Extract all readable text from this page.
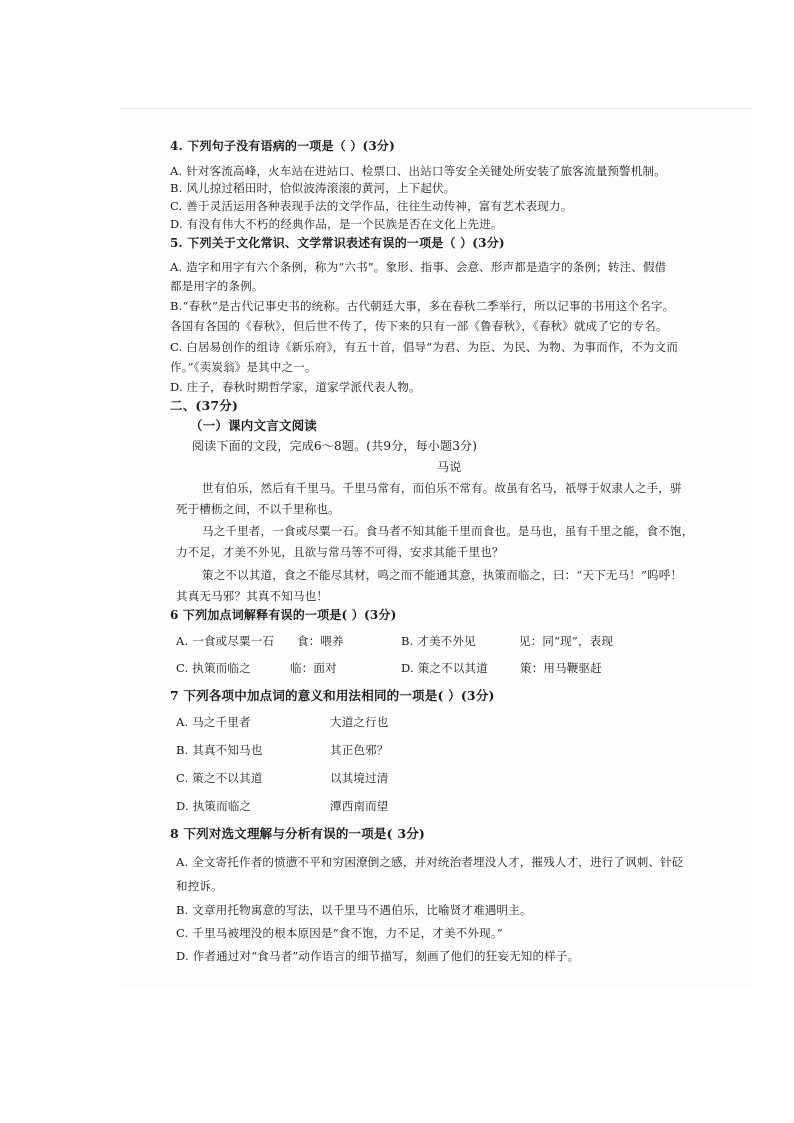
4. 下列句子没有语病的一项是（ ）(3分)
A. 针对客流高峰，火车站在进站口、检票口、出站口等安全关键处所安装了旅客流量预警机制。
B. 风儿掠过稻田时，恰似波涛滚滚的黄河，上下起伏。
C. 善于灵活运用各种表现手法的文学作品，往往生动传神，富有艺术表现力。
D. 有没有伟大不朽的经典作品，是一个民族是否在文化上先进。
5. 下列关于文化常识、文学常识表述有误的一项是（ ）(3分)
A. 造字和用字有六个条例，称为“六书”。象形、指事、会意、形声都是造字的条例；转注、假借
都是用字的条例。
B.“春秋”是古代记事史书的统称。古代朝廷大事，多在春秋二季举行，所以记事的书用这个名字。
各国有各国的《春秋》，但后世不传了，传下来的只有一部《鲁春秋》，《春秋》就成了它的专名。
C. 白居易创作的组诗《新乐府》，有五十首，倡导“为君、为臣、为民、为物、为事而作，不为文而
作。”《卖炭翁》是其中之一。
D. 庄子，春秋时期哲学家，道家学派代表人物。
二、(37分)
（一）课内文言文阅读
阅读下面的文段，完成6～8题。(共9分，每小题3分)
马说
世有伯乐，然后有千里马。千里马常有，而伯乐不常有。故虽有名马，祇辱于奴隶人之手，骈
死于槽枥之间，不以千里称也。
马之千里者，一食或尽粟一石。食马者不知其能千里而食也。是马也，虽有千里之能，食不饱，
力不足，才美不外见，且欲与常马等不可得，安求其能千里也？
策之不以其道，食之不能尽其材，鸣之而不能通其意，执策而临之，曰：“天下无马！”呜呼！
其真无马邪？其真不知马也！
6 下列加点词解释有误的一项是( ）(3分)
A. 一食或尽粟一石 食：喂养	B. 才美不外见	见：同“现”，表现
C. 执策而临之	临：面对	D. 策之不以其道	策：用马鞭驱赶
7 下列各项中加点词的意义和用法相同的一项是( ）(3分)
A. 马之千里者	大道之行也
B. 其真不知马也	其正色邪？
C. 策之不以其道	以其境过清
D. 执策而临之	潭西南而望
8 下列对选文理解与分析有误的一项是( 3分)
A. 全文寄托作者的愤懑不平和穷困潦倒之感，并对统治者埋没人才，摧残人才，进行了讽刺、针砭
和控诉。
B. 文章用托物寓意的写法，以千里马不遇伯乐，比喻贤才难遇明主。
C. 千里马被埋没的根本原因是“食不饱，力不足，才美不外现。”
D. 作者通过对“食马者”动作语言的细节描写，刻画了他们的狂妄无知的样子。
